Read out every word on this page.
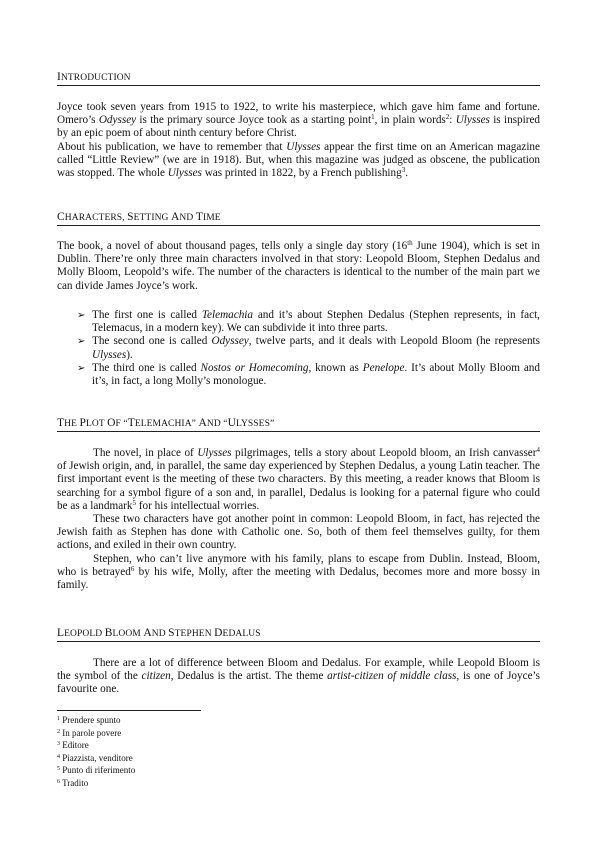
INTRODUCTION

Joyce took seven years from 1915 to 1922, to write his masterpiece, which gave him fame and fortune. Omero’s Odyssey is the primary source Joyce took as a starting point$^1$, in plain words$^2$: Ulysses is inspired by an epic poem of about ninth century before Christ.

About his publication, we have to remember that Ulysses appear the first time on an American magazine called “Little Review” (we are in 1918). But, when this magazine was judged as obscene, the publication was stopped. The whole Ulysses was printed in 1822, by a French publishing$^3$.

CHARACTERS, SETTING AND TIME

The book, a novel of about thousand pages, tells only a single day story (16th June 1904), which is set in Dublin. There’re only three main characters involved in that story: Leopold Bloom, Stephen Dedalus and Molly Bloom, Leopold’s wife. The number of the characters is identical to the number of the main part we can divide James Joyce’s work.

➢ The first one is called Telemachia and it’s about Stephen Dedalus (Stephen represents, in fact, Telemacus, in a modern key). We can subdivide it into three parts.
➢ The second one is called Odyssey, twelve parts, and it deals with Leopold Bloom (he represents Ulysses).
➢ The third one is called Nostos or Homecoming, known as Penelope. It’s about Molly Bloom and it’s, in fact, a long Molly’s monologue.
THE PLOT OF “TELEMACHIA” AND “ULYSSES”

The novel, in place of Ulysses pilgrimages, tells a story about Leopold bloom, an Irish canvasser$^4$ of Jewish origin, and, in parallel, the same day experienced by Stephen Dedalus, a young Latin teacher. The first important event is the meeting of these two characters. By this meeting, a reader knows that Bloom is searching for a symbol figure of a son and, in parallel, Dedalus is looking for a paternal figure who could be as a landmark$^5$ for his intellectual worries.

These two characters have got another point in common: Leopold Bloom, in fact, has rejected the Jewish faith as Stephen has done with Catholic one. So, both of them feel themselves guilty, for them actions, and exiled in their own country.

Stephen, who can’t live anymore with his family, plans to escape from Dublin. Instead, Bloom, who is betrayed$^6$ by his wife, Molly, after the meeting with Dedalus, becomes more and more bossy in family.

LEOPOLD BLOOM AND STEPHEN DEDALUS

There are a lot of difference between Bloom and Dedalus. For example, while Leopold Bloom is the symbol of the citizen, Dedalus is the artist. The theme artist-citizen of middle class, is one of Joyce’s favourite one.

$^1$ Prendere spunto
$^2$ In parole povere
$^3$ Editore
$^4$ Piazzista, venditore
$^5$ Punto di riferimento
$^6$ Tradito
